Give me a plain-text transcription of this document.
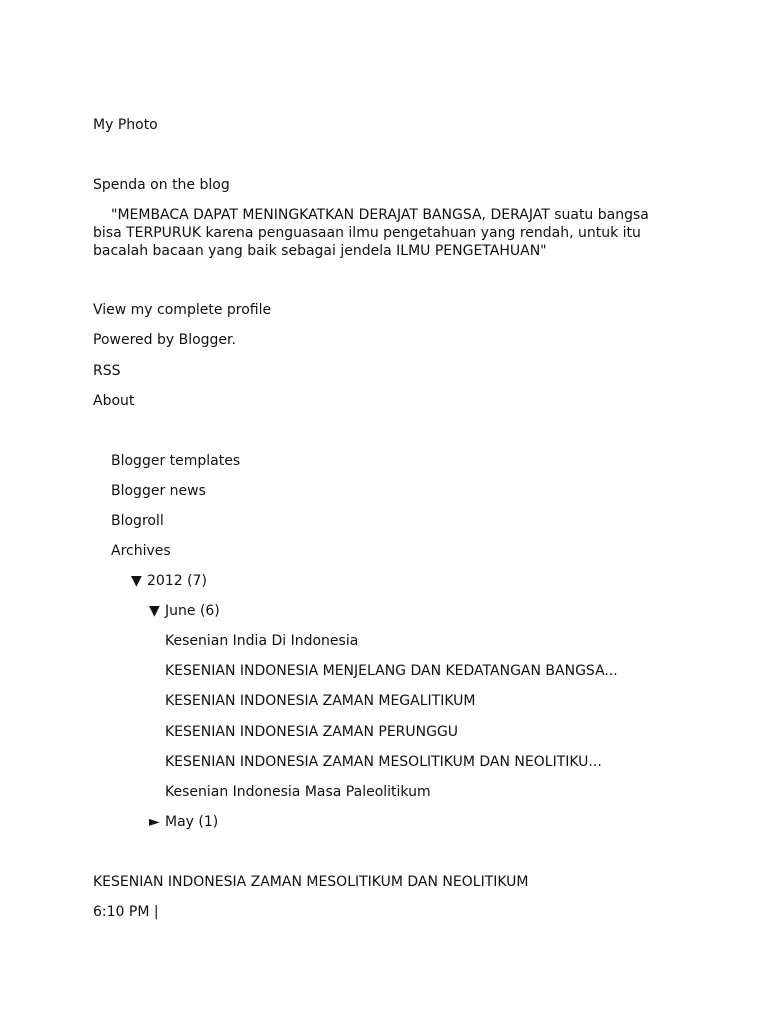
My Photo

Spenda on the blog

"MEMBACA DAPAT MENINGKATKAN DERAJAT BANGSA, DERAJAT suatu bangsa bisa TERPURUK karena penguasaan ilmu pengetahuan yang rendah, untuk itu bacalah bacaan yang baik sebagai jendela ILMU PENGETAHUAN"

View my complete profile
Powered by Blogger.
RSS
About
Blogger templates
Blogger news
Blogroll

Archives

▼ 2012 (7)
▼ June (6)
Kesenian India Di Indonesia
KESENIAN INDONESIA MENJELANG DAN KEDATANGAN BANGSA...
KESENIAN INDONESIA ZAMAN MEGALITIKUM
KESENIAN INDONESIA ZAMAN PERUNGGU
KESENIAN INDONESIA ZAMAN MESOLITIKUM DAN NEOLITIKU...
Kesenian Indonesia Masa Paleolitikum
► May (1)

KESENIAN INDONESIA ZAMAN MESOLITIKUM DAN NEOLITIKUM

6:10 PM |
